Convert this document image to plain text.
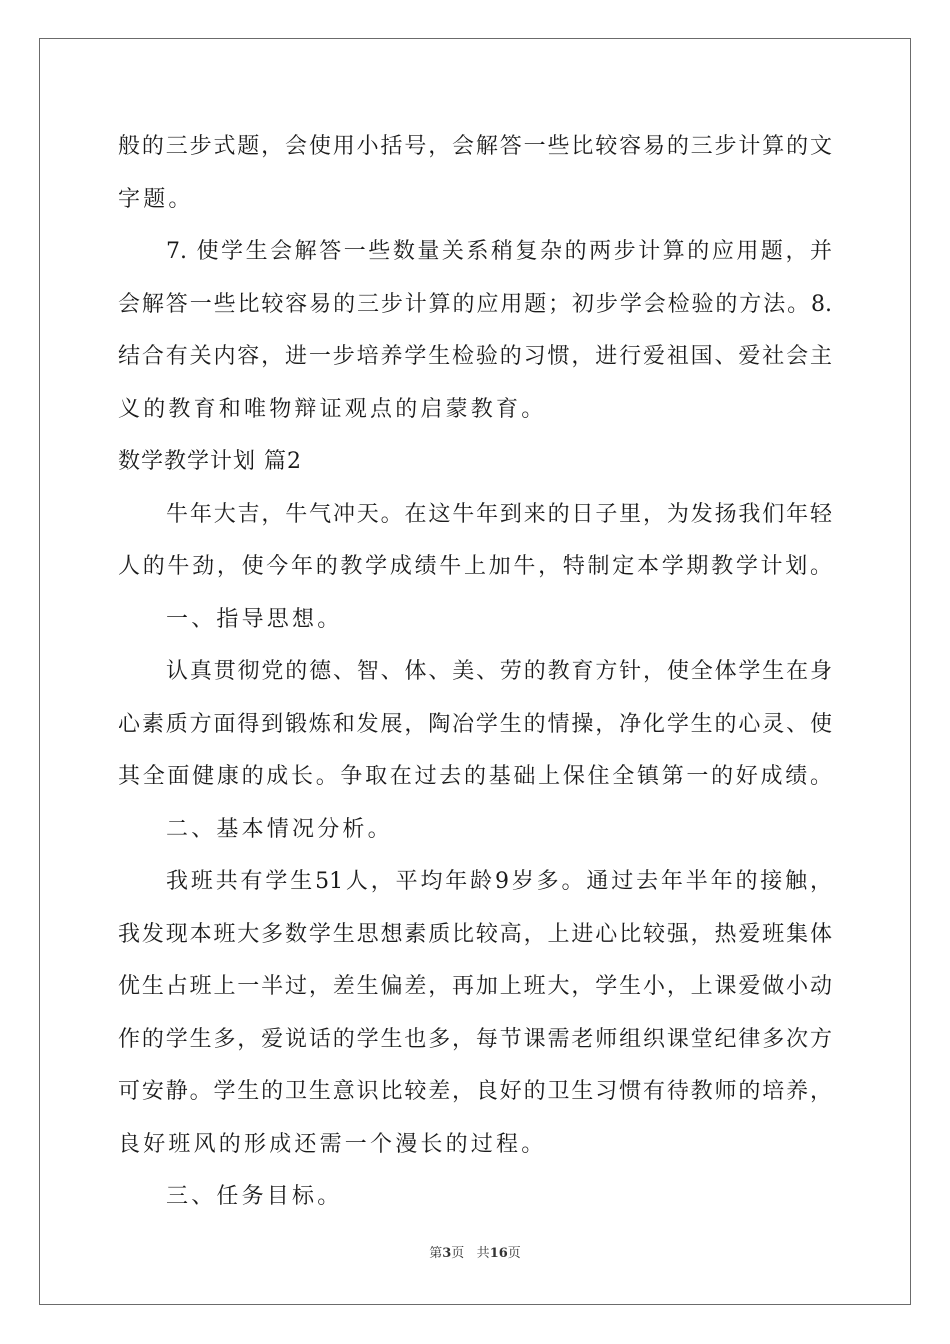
般的三步式题，会使用小括号，会解答一些比较容易的三步计算的文
字题。
7. 使学生会解答一些数量关系稍复杂的两步计算的应用题，并
会解答一些比较容易的三步计算的应用题；初步学会检验的方法。8.
结合有关内容，进一步培养学生检验的习惯，进行爱祖国、爱社会主
义的教育和唯物辩证观点的启蒙教育。
数学教学计划 篇2
牛年大吉，牛气冲天。在这牛年到来的日子里，为发扬我们年轻
人的牛劲，使今年的教学成绩牛上加牛，特制定本学期教学计划。
一、指导思想。
认真贯彻党的德、智、体、美、劳的教育方针，使全体学生在身
心素质方面得到锻炼和发展，陶冶学生的情操，净化学生的心灵、使
其全面健康的成长。争取在过去的基础上保住全镇第一的好成绩。
二、基本情况分析。
我班共有学生51人，平均年龄9岁多。通过去年半年的接触，
我发现本班大多数学生思想素质比较高，上进心比较强，热爱班集体
优生占班上一半过，差生偏差，再加上班大，学生小，上课爱做小动
作的学生多，爱说话的学生也多，每节课需老师组织课堂纪律多次方
可安静。学生的卫生意识比较差，良好的卫生习惯有待教师的培养，
良好班风的形成还需一个漫长的过程。
三、任务目标。
第3页 共16页
